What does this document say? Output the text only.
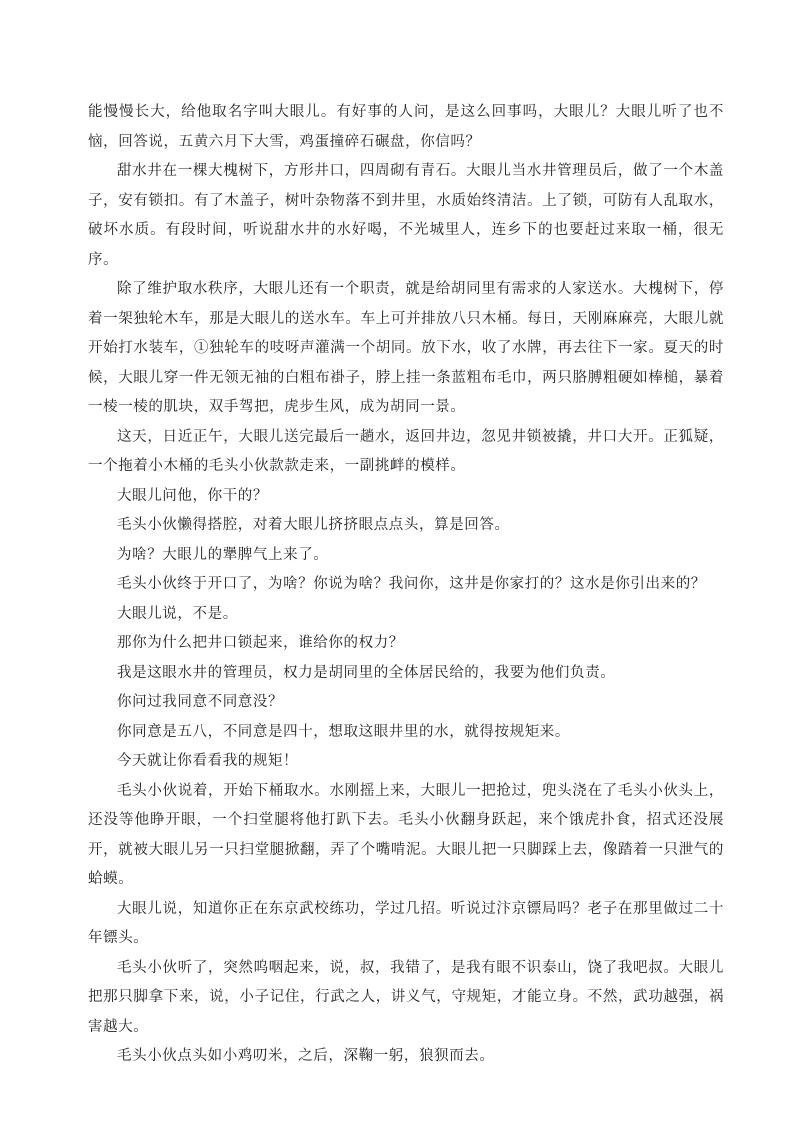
能慢慢长大，给他取名字叫大眼儿。有好事的人问，是这么回事吗，大眼儿？大眼儿听了也不恼，回答说，五黄六月下大雪，鸡蛋撞碎石碾盘，你信吗？

甜水井在一棵大槐树下，方形井口，四周砌有青石。大眼儿当水井管理员后，做了一个木盖子，安有锁扣。有了木盖子，树叶杂物落不到井里，水质始终清洁。上了锁，可防有人乱取水，破坏水质。有段时间，听说甜水井的水好喝，不光城里人，连乡下的也要赶过来取一桶，很无序。

除了维护取水秩序，大眼儿还有一个职责，就是给胡同里有需求的人家送水。大槐树下，停着一架独轮木车，那是大眼儿的送水车。车上可并排放八只木桶。每日，天刚麻麻亮，大眼儿就开始打水装车，①独轮车的吱呀声灌满一个胡同。放下水，收了水牌，再去往下一家。夏天的时候，大眼儿穿一件无领无袖的白粗布褂子，脖上挂一条蓝粗布毛巾，两只胳膊粗硬如棒槌，暴着一棱一棱的肌块，双手驾把，虎步生风，成为胡同一景。

这天，日近正午，大眼儿送完最后一趟水，返回井边，忽见井锁被撬，井口大开。正狐疑，一个拖着小木桶的毛头小伙款款走来，一副挑衅的模样。

大眼儿问他，你干的？

毛头小伙懒得搭腔，对着大眼儿挤挤眼点点头，算是回答。

为啥？大眼儿的犟脾气上来了。

毛头小伙终于开口了，为啥？你说为啥？我问你，这井是你家打的？这水是你引出来的？

大眼儿说，不是。

那你为什么把井口锁起来，谁给你的权力？

我是这眼水井的管理员，权力是胡同里的全体居民给的，我要为他们负责。

你问过我同意不同意没？

你同意是五八，不同意是四十，想取这眼井里的水，就得按规矩来。

今天就让你看看我的规矩！

毛头小伙说着，开始下桶取水。水刚摇上来，大眼儿一把抢过，兜头浇在了毛头小伙头上，还没等他睁开眼，一个扫堂腿将他打趴下去。毛头小伙翻身跃起，来个饿虎扑食，招式还没展开，就被大眼儿另一只扫堂腿掀翻，弄了个嘴啃泥。大眼儿把一只脚踩上去，像踏着一只泄气的蛤蟆。

大眼儿说，知道你正在东京武校练功，学过几招。听说过汴京镖局吗？老子在那里做过二十年镖头。

毛头小伙听了，突然呜咽起来，说，叔，我错了，是我有眼不识泰山，饶了我吧叔。大眼儿把那只脚拿下来，说，小子记住，行武之人，讲义气，守规矩，才能立身。不然，武功越强，祸害越大。

毛头小伙点头如小鸡叨米，之后，深鞠一躬，狼狈而去。
